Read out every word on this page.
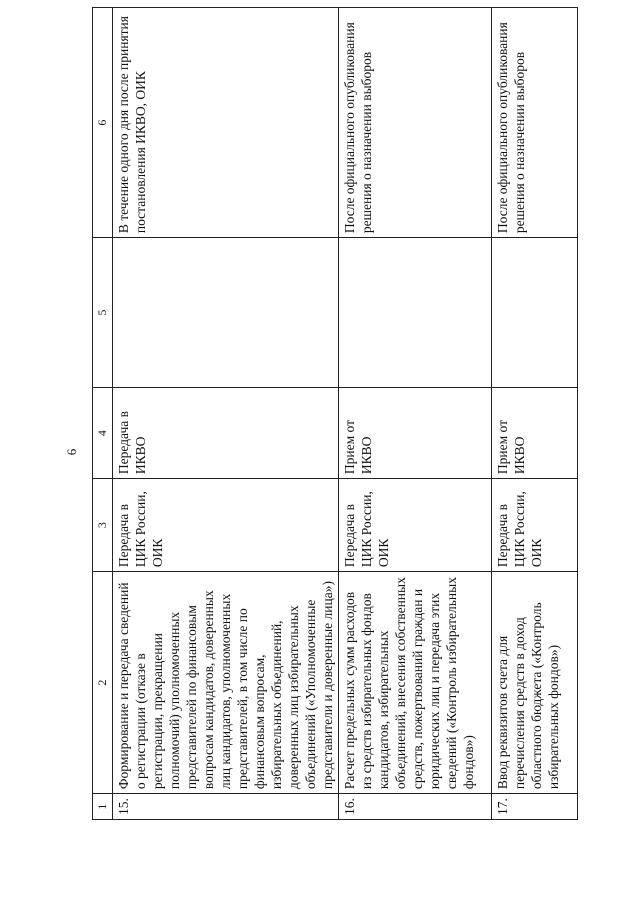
6
1	2	3	4	5	6
15.	Формирование и передача сведений о регистрации (отказе в регистрации, прекращении полномочий) уполномоченных представителей по финансовым вопросам кандидатов, доверенных лиц кандидатов, уполномоченных представителей, в том числе по финансовым вопросам, избирательных объединений, доверенных лиц избирательных объединений («Уполномоченные представители и доверенные лица»)	Передача в ЦИК России, ОИК	Передача в ИКВО		В течение одного дня после принятия постановления ИКВО, ОИК
16.	Расчет предельных сумм расходов из средств избирательных фондов кандидатов, избирательных объединений, внесения собственных средств, пожертвований граждан и юридических лиц и передача этих сведений («Контроль избирательных фондов»)	Передача в ЦИК России, ОИК	Прием от ИКВО		После официального опубликования решения о назначении выборов
17.	Ввод реквизитов счета для перечисления средств в доход областного бюджета («Контроль избирательных фондов»)	Передача в ЦИК России, ОИК	Прием от ИКВО		После официального опубликования решения о назначении выборов
